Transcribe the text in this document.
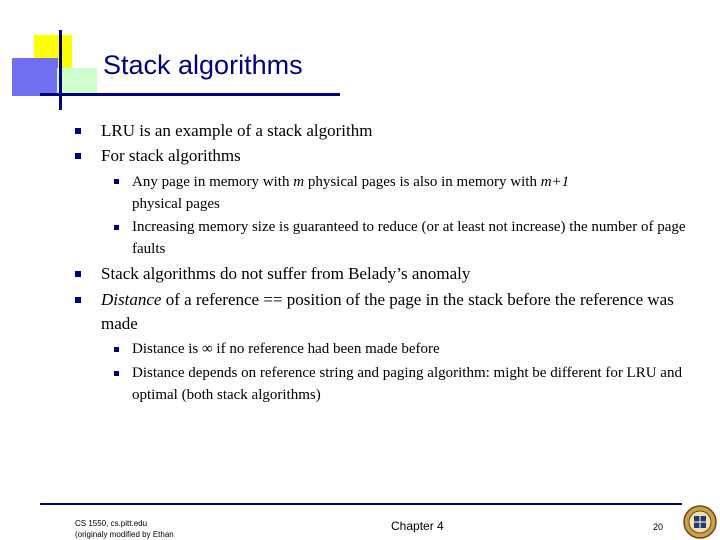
Stack algorithms
LRU is an example of a stack algorithm
For stack algorithms
Any page in memory with m physical pages is also in memory with m+1
physical pages
Increasing memory size is guaranteed to reduce (or at least not increase) the number of page faults
Stack algorithms do not suffer from Belady’s anomaly
Distance of a reference == position of the page in the stack before the reference was made
Distance is ∞ if no reference had been made before
Distance depends on reference string and paging algorithm: might be different for LRU and optimal (both stack algorithms)
CS 1550, cs.pitt.edu
(originaly modified by Ethan
Chapter 4	20
